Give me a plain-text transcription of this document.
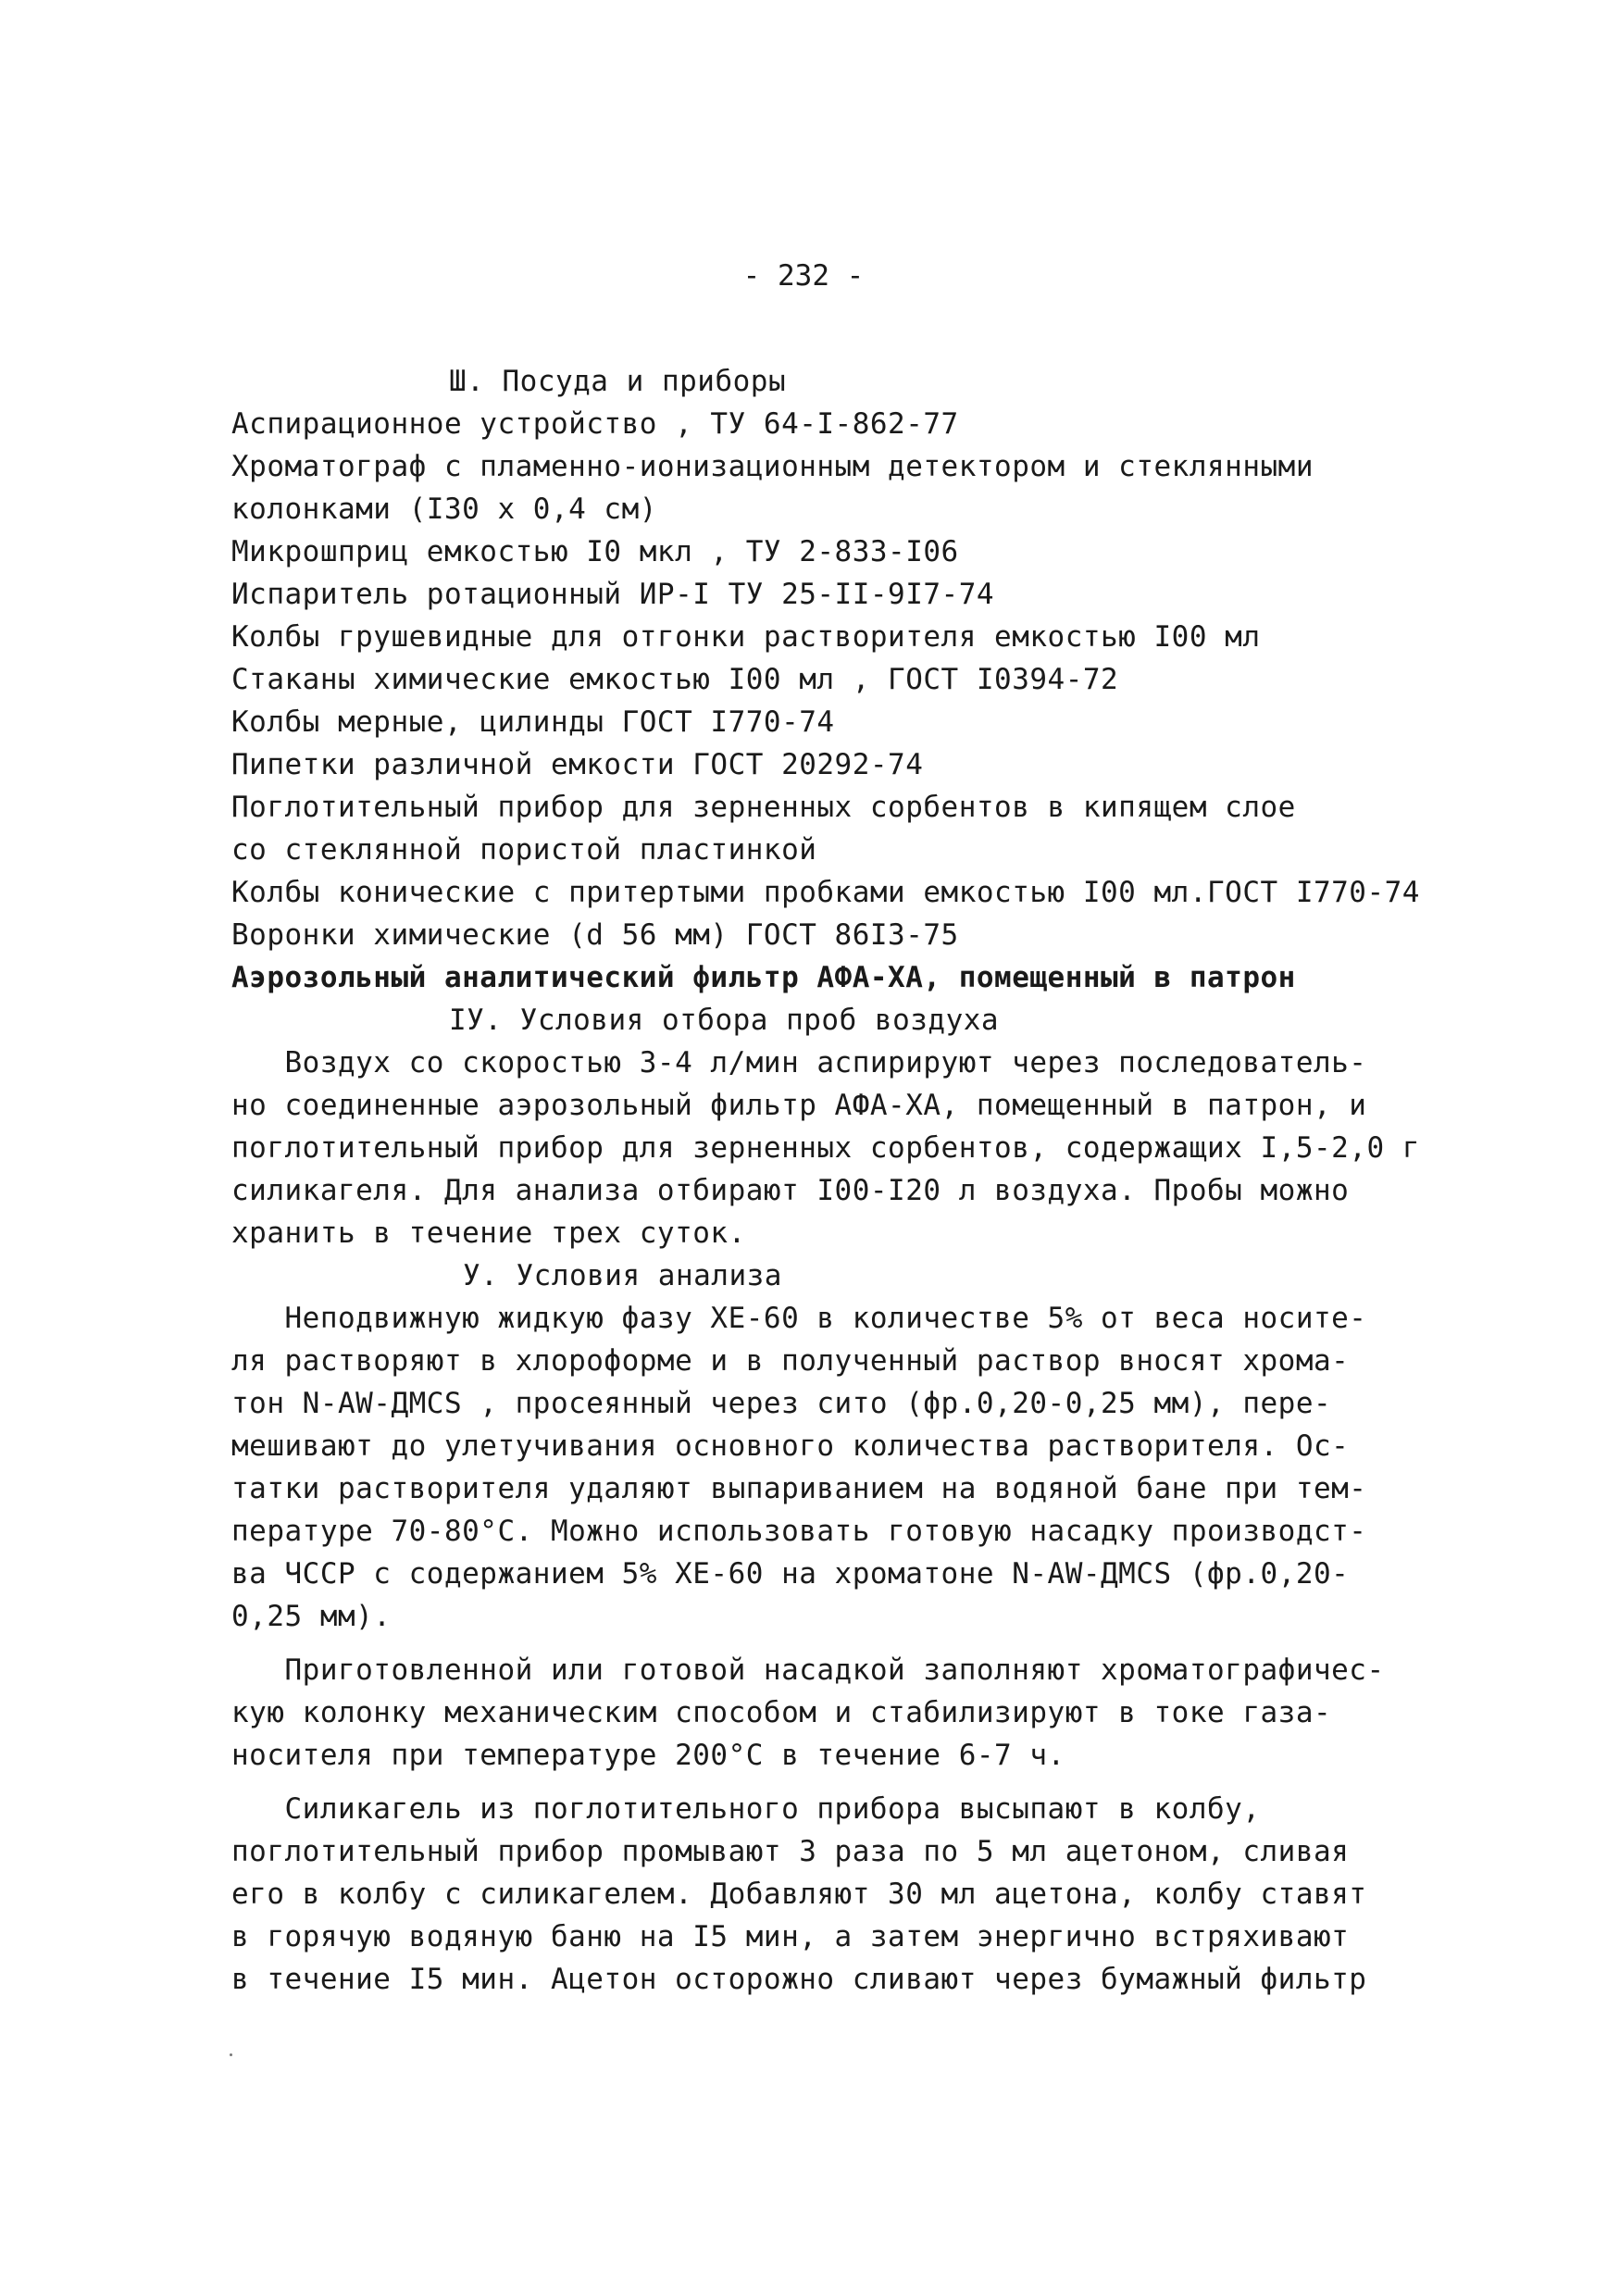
- 232 -
Ш. Посуда и приборы
Аспирационное устройство , ТУ 64-I-862-77
Хроматограф с пламенно-ионизационным детектором и стеклянными
колонками (I30 х 0,4 см)
Микрошприц емкостью I0 мкл , ТУ 2-833-I06
Испаритель ротационный ИР-I ТУ 25-II-9I7-74
Колбы грушевидные для отгонки растворителя емкостью I00 мл
Стаканы химические емкостью I00 мл , ГОСТ I0394-72
Колбы мерные, цилинды ГОСТ I770-74
Пипетки различной емкости ГОСТ 20292-74
Поглотительный прибор для зерненных сорбентов в кипящем слое
со стеклянной пористой пластинкой
Колбы конические с притертыми пробками емкостью I00 мл.ГОСТ I770-74
Воронки химические (d 56 мм) ГОСТ 86I3-75
Аэрозольный аналитический фильтр АФА-ХА, помещенный в патрон
IУ. Условия отбора проб воздуха
Воздух со скоростью 3-4 л/мин аспирируют через последователь-
но соединенные аэрозольный фильтр АФА-ХА, помещенный в патрон, и
поглотительный прибор для зерненных сорбентов, содержащих I,5-2,0 г
силикагеля. Для анализа отбирают I00-I20 л воздуха. Пробы можно
хранить в течение трех суток.
У. Условия анализа
Неподвижную жидкую фазу ХЕ-60 в количестве 5% от веса носите-
ля растворяют в хлороформе и в полученный раствор вносят хрома-
тон N-AW-ДМСS , просеянный через сито (фр.0,20-0,25 мм), пере-
мешивают до улетучивания основного количества растворителя. Ос-
татки растворителя удаляют выпариванием на водяной бане при тем-
пературе 70-80°С. Можно использовать готовую насадку производст-
ва ЧССР с содержанием 5% ХЕ-60 на хроматоне N-AW-ДМСS (фр.0,20-
0,25 мм).
Приготовленной или готовой насадкой заполняют хроматографичес-
кую колонку механическим способом и стабилизируют в токе газа-
носителя при температуре 200°С в течение 6-7 ч.
Силикагель из поглотительного прибора высыпают в колбу,
поглотительный прибор промывают 3 раза по 5 мл ацетоном, сливая
его в колбу с силикагелем. Добавляют 30 мл ацетона, колбу ставят
в горячую водяную баню на I5 мин, а затем энергично встряхивают
в течение I5 мин. Ацетон осторожно сливают через бумажный фильтр
